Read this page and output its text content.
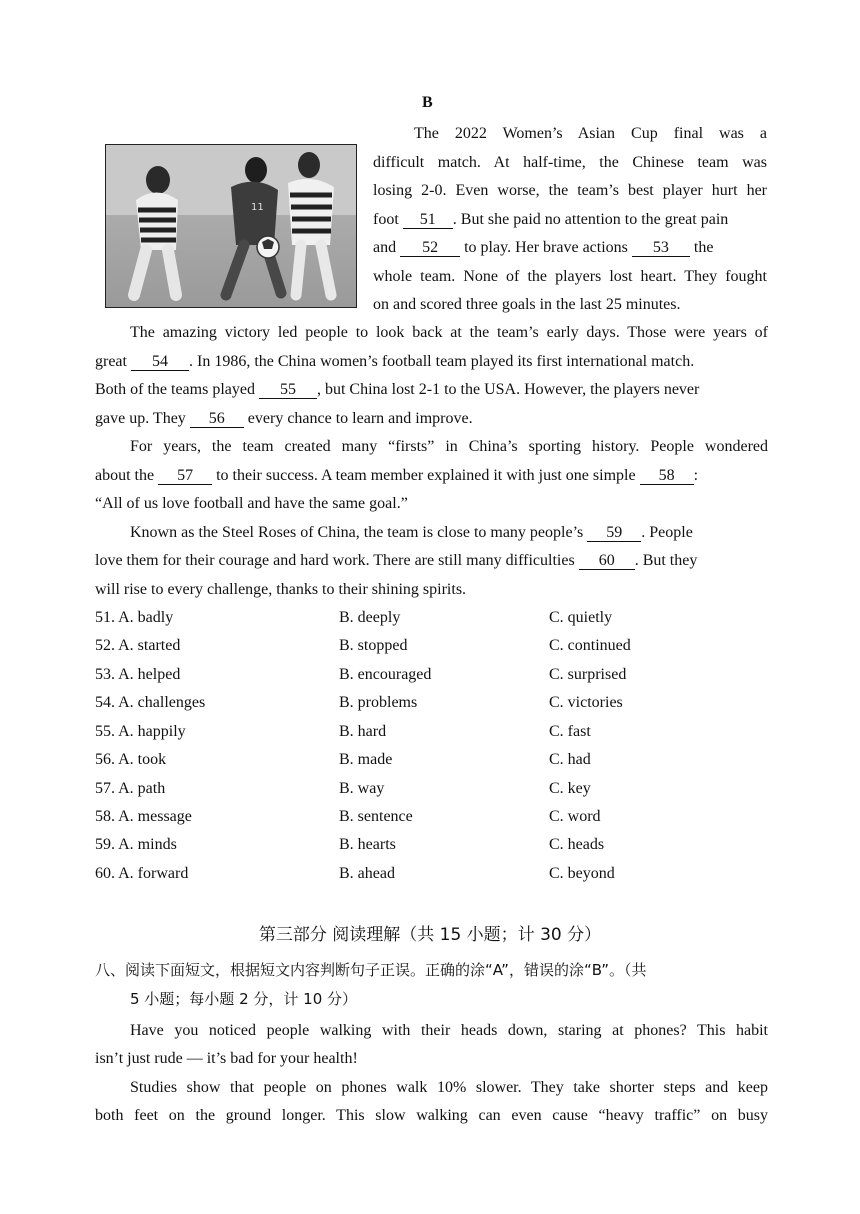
B
11
The 2022 Women’s Asian Cup final was a
difficult match. At half-time, the Chinese team was
losing 2-0. Even worse, the team’s best player hurt her
foot 51 . But she paid no attention to the great pain
and 52 to play. Her brave actions 53 the
whole team. None of the players lost heart. They fought
on and scored three goals in the last 25 minutes.
The amazing victory led people to look back at the team’s early days. Those were years of
great 54 . In 1986, the China women’s football team played its first international match.
Both of the teams played 55 , but China lost 2-1 to the USA. However, the players never
gave up. They 56 every chance to learn and improve.
For years, the team created many “firsts” in China’s sporting history. People wondered
about the 57 to their success. A team member explained it with just one simple 58 :
“All of us love football and have the same goal.”
Known as the Steel Roses of China, the team is close to many people’s 59 . People
love them for their courage and hard work. There are still many difficulties 60 . But they
will rise to every challenge, thanks to their shining spirits.
51. A. badly	B. deeply	C. quietly
52. A. started	B. stopped	C. continued
53. A. helped	B. encouraged	C. surprised
54. A. challenges	B. problems	C. victories
55. A. happily	B. hard	C. fast
56. A. took	B. made	C. had
57. A. path	B. way	C. key
58. A. message	B. sentence	C. word
59. A. minds	B. hearts	C. heads
60. A. forward	B. ahead	C. beyond
第三部分 阅读理解（共 15 小题；计 30 分）
八、阅读下面短文，根据短文内容判断句子正误。正确的涂“A”，错误的涂“B”。（共
5 小题；每小题 2 分，计 10 分）
Have you noticed people walking with their heads down, staring at phones? This habit
isn’t just rude — it’s bad for your health!
Studies show that people on phones walk 10% slower. They take shorter steps and keep
both feet on the ground longer. This slow walking can even cause “heavy traffic” on busy
